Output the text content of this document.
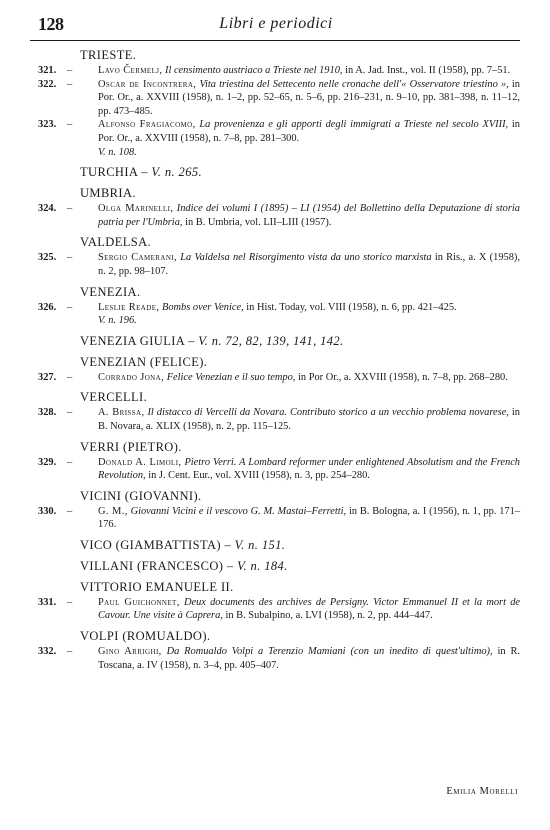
128	Libri e periodici
TRIESTE.
321. – Lavo Čermelj, Il censimento austriaco a Trieste nel 1910, in A. Jad. Inst., vol. II (1958), pp. 7–51.
322. – Oscar de Incontrera, Vita triestina del Settecento nelle cronache dell'« Osservatore triestino », in Por. Or., a. XXVIII (1958), n. 1–2, pp. 52–65, n. 5–6, pp. 216–231, n. 9–10, pp. 381–398, n. 11–12, pp. 473–485.
323. – Alfonso Fragiacomo, La provenienza e gli apporti degli immigrati a Trieste nel secolo XVIII, in Por. Or., a. XXVIII (1958), n. 7–8, pp. 281–300.
V. n. 108.
TURCHIA – V. n. 265.
UMBRIA.
324. – Olga Marinelli, Indice dei volumi I (1895) – LI (1954) del Bollettino della Deputazione di storia patria per l'Umbria, in B. Umbria, vol. LII–LIII (1957).
VALDELSA.
325. – Sergio Camerani, La Valdelsa nel Risorgimento vista da uno storico marxista in Ris., a. X (1958), n. 2, pp. 98–107.
VENEZIA.
326. – Leslie Reade, Bombs over Venice, in Hist. Today, vol. VIII (1958), n. 6, pp. 421–425.
V. n. 196.
VENEZIA GIULIA – V. n. 72, 82, 139, 141, 142.
VENEZIAN (FELICE).
327. – Corrado Jona, Felice Venezian e il suo tempo, in Por Or., a. XXVIII (1958), n. 7–8, pp. 268–280.
VERCELLI.
328. – A. Brissa, Il distacco di Vercelli da Novara. Contributo storico a un vecchio problema novarese, in B. Novara, a. XLIX (1958), n. 2, pp. 115–125.
VERRI (PIETRO).
329. – Donald A. Limoli, Pietro Verri. A Lombard reformer under enlightened Absolutism and the French Revolution, in J. Cent. Eur., vol. XVIII (1958), n. 3, pp. 254–280.
VICINI (GIOVANNI).
330. – G. M., Giovanni Vicini e il vescovo G. M. Mastai–Ferretti, in B. Bologna, a. I (1956), n. 1, pp. 171–176.
VICO (GIAMBATTISTA) – V. n. 151.
VILLANI (FRANCESCO) – V. n. 184.
VITTORIO EMANUELE II.
331. – Paul Guichonnet, Deux documents des archives de Persigny. Victor Emmanuel II et la mort de Cavour. Une visite à Caprera, in B. Subalpino, a. LVI (1958), n. 2, pp. 444–447.
VOLPI (ROMUALDO).
332. – Gino Arrighi, Da Romualdo Volpi a Terenzio Mamiani (con un inedito di quest'ultimo), in R. Toscana, a. IV (1958), n. 3–4, pp. 405–407.
Emilia Morelli
